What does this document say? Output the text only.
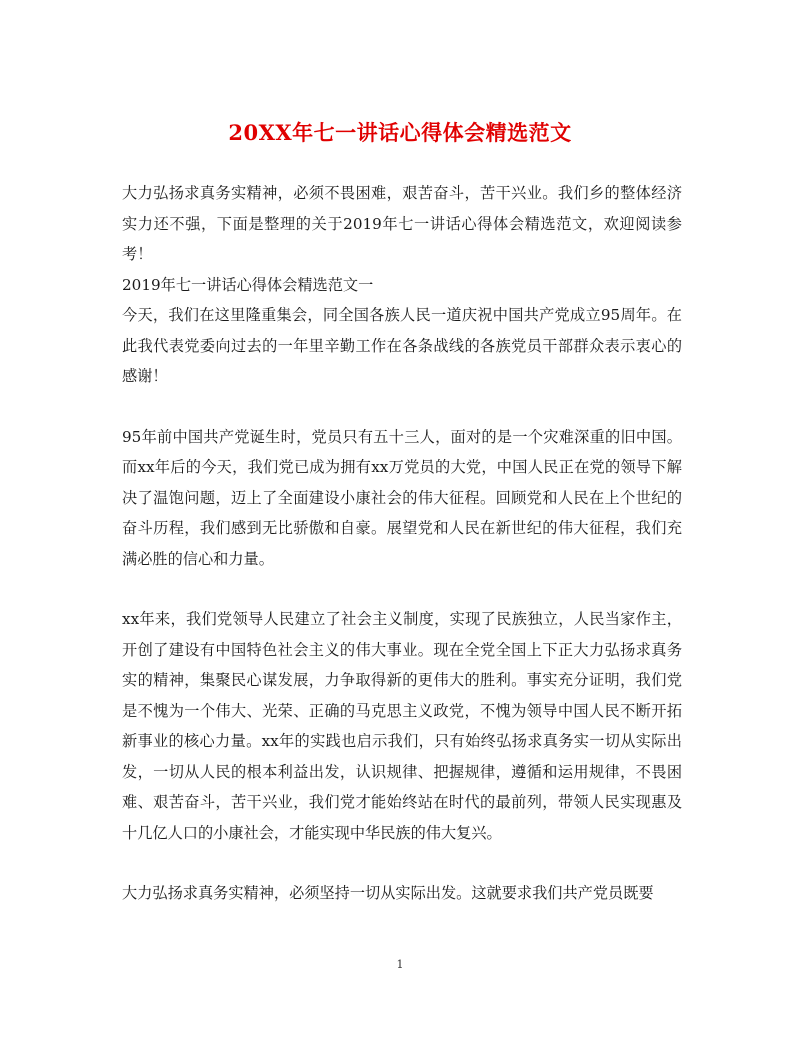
20XX年七一讲话心得体会精选范文

大力弘扬求真务实精神，必须不畏困难，艰苦奋斗，苦干兴业。我们乡的整体经济实力还不强，下面是整理的关于2019年七一讲话心得体会精选范文，欢迎阅读参考！

2019年七一讲话心得体会精选范文一

今天，我们在这里隆重集会，同全国各族人民一道庆祝中国共产党成立95周年。在此我代表党委向过去的一年里辛勤工作在各条战线的各族党员干部群众表示衷心的感谢！

95年前中国共产党诞生时，党员只有五十三人，面对的是一个灾难深重的旧中国。而xx年后的今天，我们党已成为拥有xx万党员的大党，中国人民正在党的领导下解决了温饱问题，迈上了全面建设小康社会的伟大征程。回顾党和人民在上个世纪的奋斗历程，我们感到无比骄傲和自豪。展望党和人民在新世纪的伟大征程，我们充满必胜的信心和力量。

xx年来，我们党领导人民建立了社会主义制度，实现了民族独立，人民当家作主，开创了建设有中国特色社会主义的伟大事业。现在全党全国上下正大力弘扬求真务实的精神，集聚民心谋发展，力争取得新的更伟大的胜利。事实充分证明，我们党是不愧为一个伟大、光荣、正确的马克思主义政党，不愧为领导中国人民不断开拓新事业的核心力量。xx年的实践也启示我们，只有始终弘扬求真务实一切从实际出发，一切从人民的根本利益出发，认识规律、把握规律，遵循和运用规律，不畏困难、艰苦奋斗，苦干兴业，我们党才能始终站在时代的最前列，带领人民实现惠及十几亿人口的小康社会，才能实现中华民族的伟大复兴。

大力弘扬求真务实精神，必须坚持一切从实际出发。这就要求我们共产党员既要

1
